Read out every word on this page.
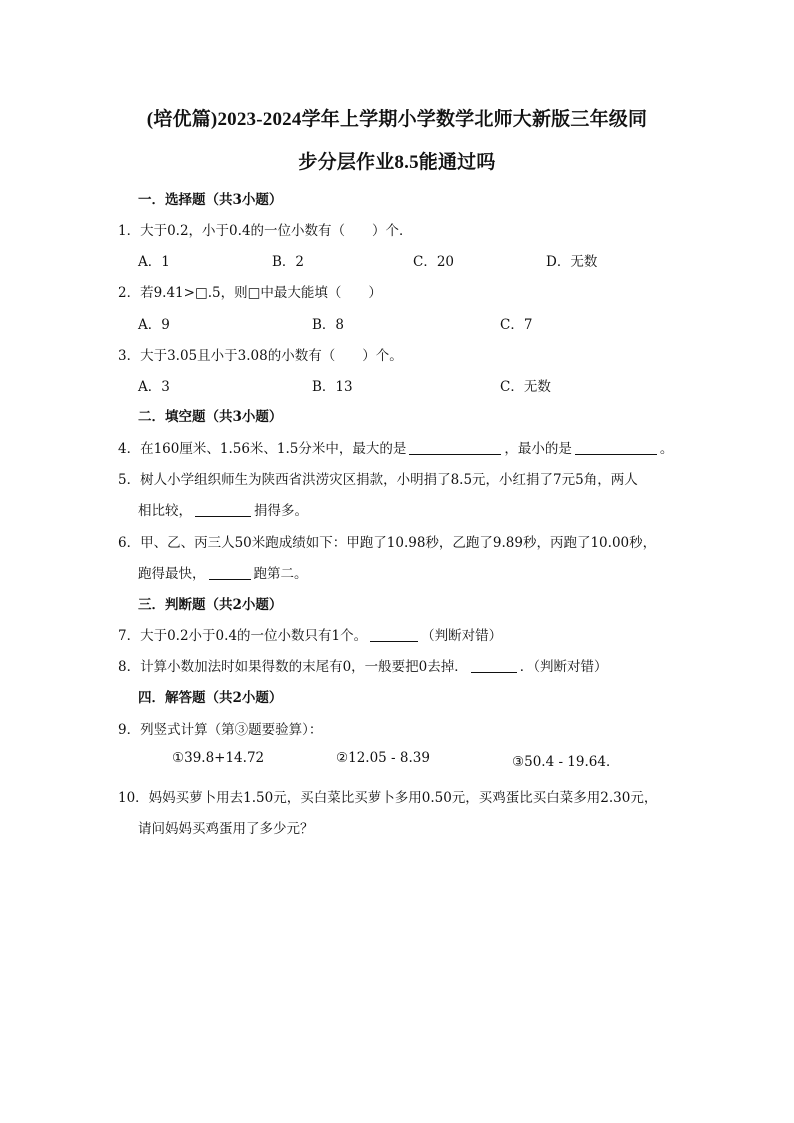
(培优篇)2023-2024学年上学期小学数学北师大新版三年级同
步分层作业8.5能通过吗
一．选择题（共3小题）
1．大于0.2，小于0.4的一位小数有（　　）个．
A．1	B．2	C．20	D．无数
2．若9.41>□.5，则□中最大能填（　　）
A．9	B．8	C．7
3．大于3.05且小于3.08的小数有（　　）个。
A．3	B．13	C．无数
二．填空题（共3小题）
4．在160厘米、1.56米、1.5分米中，最大的是	，最小的是	。
5．树人小学组织师生为陕西省洪涝灾区捐款，小明捐了8.5元，小红捐了7元5角，两人
相比较，	捐得多。
6．甲、乙、丙三人50米跑成绩如下：甲跑了10.98秒，乙跑了9.89秒，丙跑了10.00秒，
跑得最快，	跑第二。
三．判断题（共2小题）
7．大于0.2小于0.4的一位小数只有1个。	（判断对错）
8．计算小数加法时如果得数的末尾有0，一般要把0去掉．	．（判断对错）
四．解答题（共2小题）
9．列竖式计算（第③题要验算）：
①39.8+14.72	②12.05 - 8.39	③50.4 - 19.64．
10．妈妈买萝卜用去1.50元，买白菜比买萝卜多用0.50元，买鸡蛋比买白菜多用2.30元，
请问妈妈买鸡蛋用了多少元？
